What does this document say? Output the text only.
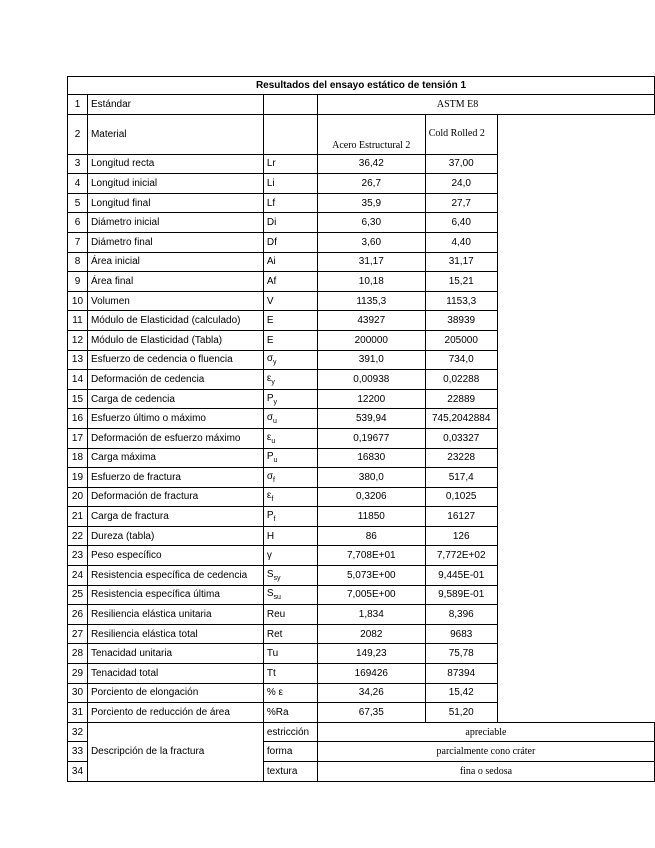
Resultados del ensayo estático de tensión 1					
1	Estándar		ASTM E8		
2	Material		Acero Estructural 2	Cold Rolled 2	

3	Longitud recta	Lr	36,42	37,00	
4	Longitud inicial	Li	26,7	24,0	
5	Longitud final	Lf	35,9	27,7	
6	Diámetro inicial	Di	6,30	6,40	
7	Diámetro final	Df	3,60	4,40	
8	Área inicial	Ai	31,17	31,17	
9	Área final	Af	10,18	15,21	
10	Volumen	V	1135,3	1153,3	
11	Módulo de Elasticidad (calculado)	E	43927	38939	
12	Módulo de Elasticidad (Tabla)	E	200000	205000	
13	Esfuerzo de cedencia o fluencia	$\sigma_y$	391,0	734,0	
14	Deformación de cedencia	$\varepsilon_y$	0,00938	0,02288	
15	Carga de cedencia	$P_y$	12200	22889	
16	Esfuerzo último o máximo	$\sigma_u$	539,94	745,2042884	
17	Deformación de esfuerzo máximo	$\varepsilon_u$	0,19677	0,03327	
18	Carga máxima	$P_u$	16830	23228	
19	Esfuerzo de fractura	$\sigma_f$	380,0	517,4	
20	Deformación de fractura	$\varepsilon_f$	0,3206	0,1025	
21	Carga de fractura	$P_f$	11850	16127	
22	Dureza (tabla)	H	86	126	
23	Peso específico	γ	7,708E+01	7,772E+02	
24	Resistencia específica de cedencia	$S_{sy}$	5,073E+00	9,445E-01	
25	Resistencia específica última	$S_{su}$	7,005E+00	9,589E-01	
26	Resiliencia elástica unitaria	Reu	1,834	8,396	
27	Resiliencia elástica total	Ret	2082	9683	
28	Tenacidad unitaria	Tu	149,23	75,78	
29	Tenacidad total	Tt	169426	87394	
30	Porciento de elongación	% ε	34,26	15,42	
31	Porciento de reducción de área	%Ra	67,35	51,20	
32	Descripción de la fractura	estricción	apreciable		
33		forma	parcialmente cono cráter		
34		textura	fina o sedosa		
